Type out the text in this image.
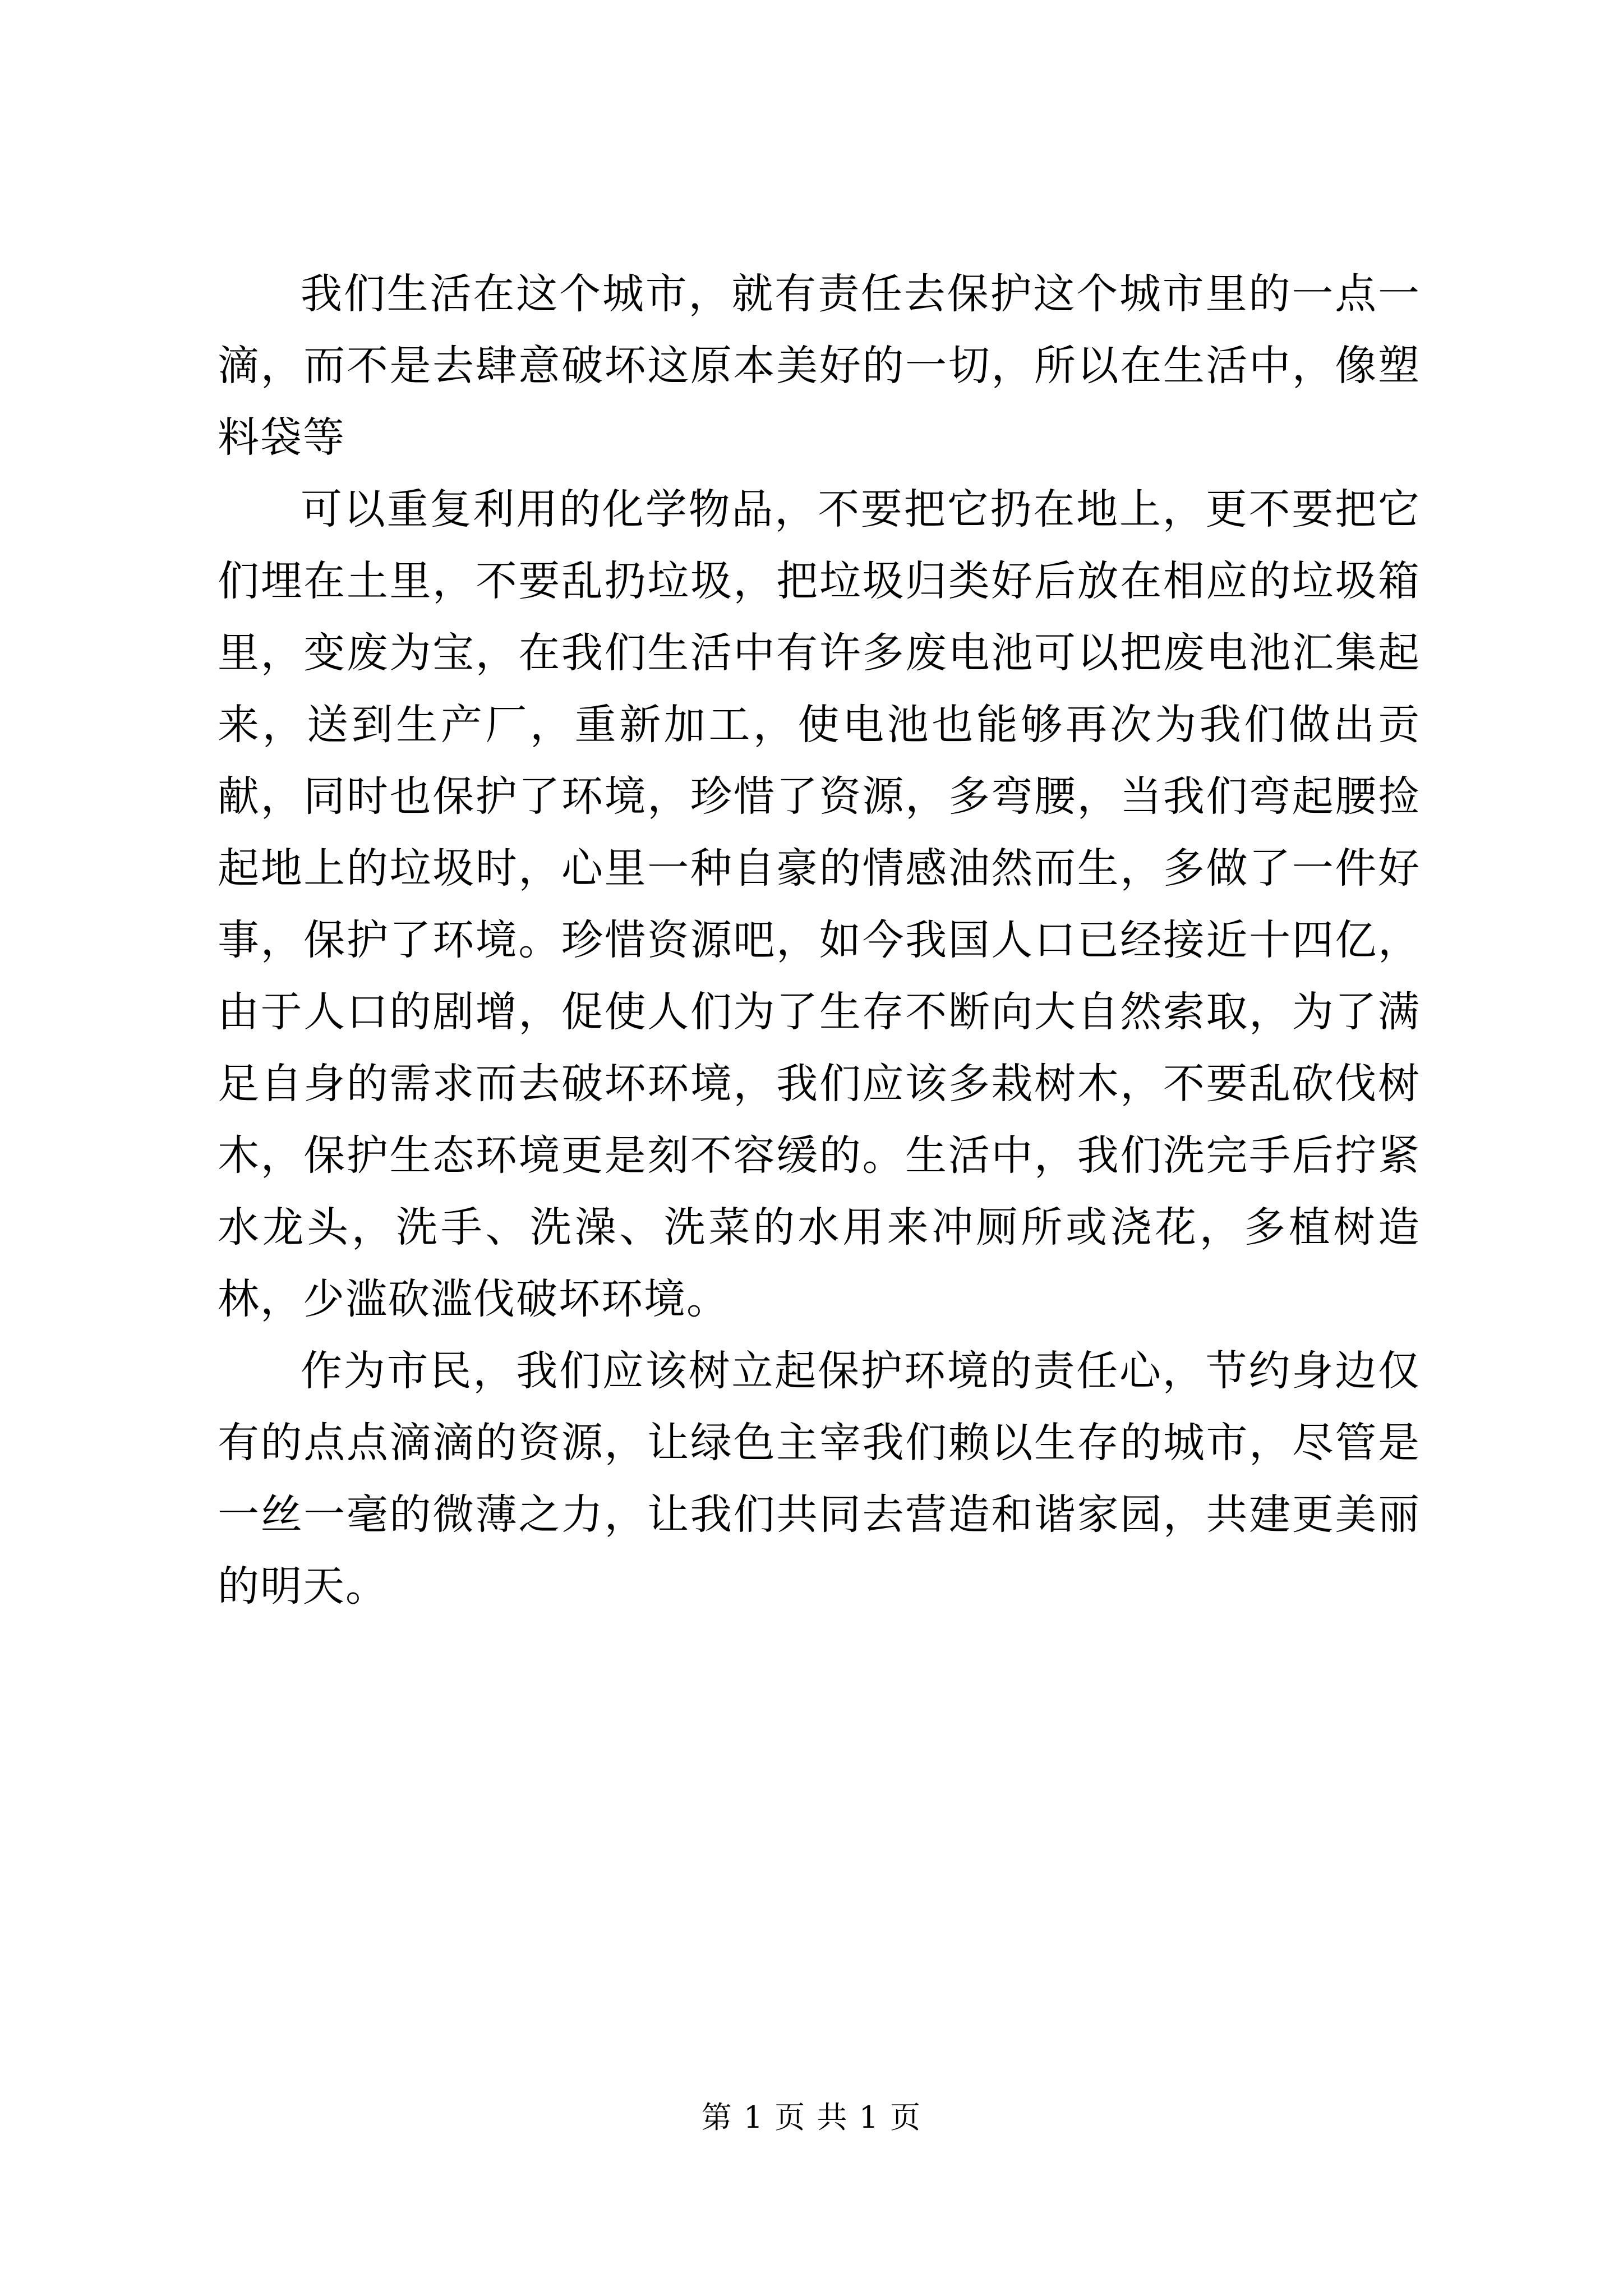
我们生活在这个城市，就有责任去保护这个城市里的一点一滴，而不是去肆意破坏这原本美好的一切，所以在生活中，像塑料袋等

可以重复利用的化学物品，不要把它扔在地上，更不要把它们埋在土里，不要乱扔垃圾，把垃圾归类好后放在相应的垃圾箱里，变废为宝，在我们生活中有许多废电池可以把废电池汇集起来，送到生产厂，重新加工，使电池也能够再次为我们做出贡献，同时也保护了环境，珍惜了资源，多弯腰，当我们弯起腰捡起地上的垃圾时，心里一种自豪的情感油然而生，多做了一件好事，保护了环境。珍惜资源吧，如今我国人口已经接近十四亿，由于人口的剧增，促使人们为了生存不断向大自然索取，为了满足自身的需求而去破坏环境，我们应该多栽树木，不要乱砍伐树木，保护生态环境更是刻不容缓的。生活中，我们洗完手后拧紧水龙头，洗手、洗澡、洗菜的水用来冲厕所或浇花，多植树造林，少滥砍滥伐破坏环境。

作为市民，我们应该树立起保护环境的责任心，节约身边仅有的点点滴滴的资源，让绿色主宰我们赖以生存的城市，尽管是一丝一毫的微薄之力，让我们共同去营造和谐家园，共建更美丽的明天。

第 1 页 共 1 页
